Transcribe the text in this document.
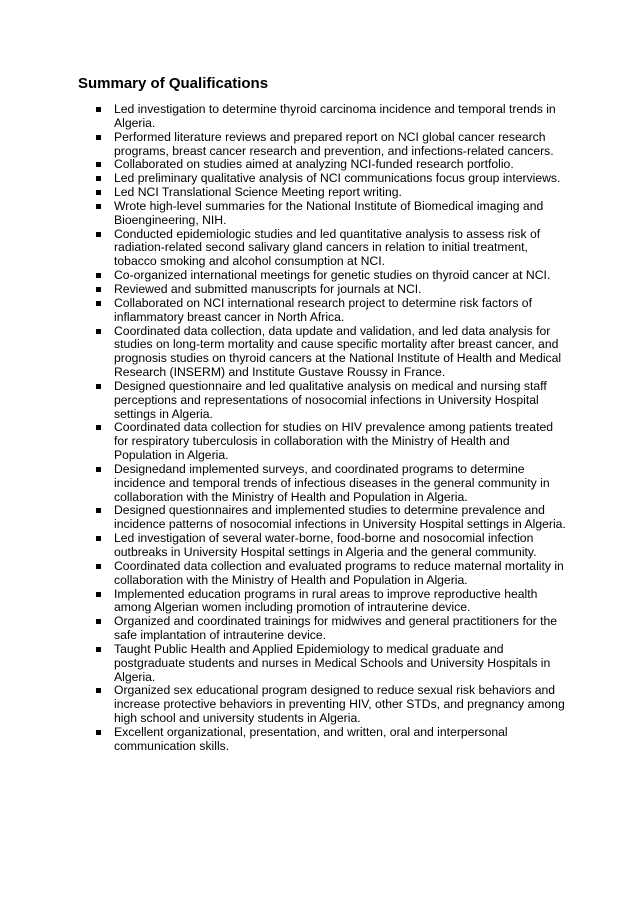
Summary of Qualifications
Led investigation to determine thyroid carcinoma incidence and temporal trends in Algeria.
Performed literature reviews and prepared report on NCI global cancer research programs, breast cancer research and prevention, and infections-related cancers.
Collaborated on studies aimed at analyzing NCI-funded research portfolio.
Led preliminary qualitative analysis of NCI communications focus group interviews.
Led NCI Translational Science Meeting report writing.
Wrote high-level summaries for the National Institute of Biomedical imaging and Bioengineering, NIH.
Conducted epidemiologic studies and led quantitative analysis to assess risk of radiation-related second salivary gland cancers in relation to initial treatment, tobacco smoking and alcohol consumption at NCI.
Co-organized international meetings for genetic studies on thyroid cancer at NCI.
Reviewed and submitted manuscripts for journals at NCI.
Collaborated on NCI international research project to determine risk factors of inflammatory breast cancer in North Africa.
Coordinated data collection, data update and validation, and led data analysis for studies on long-term mortality and cause specific mortality after breast cancer, and prognosis studies on thyroid cancers at the National Institute of Health and Medical Research (INSERM) and Institute Gustave Roussy in France.
Designed questionnaire and led qualitative analysis on medical and nursing staff perceptions and representations of nosocomial infections in University Hospital settings in Algeria.
Coordinated data collection for studies on HIV prevalence among patients treated for respiratory tuberculosis in collaboration with the Ministry of Health and Population in Algeria.
Designedand implemented surveys, and coordinated programs to determine incidence and temporal trends of infectious diseases in the general community in collaboration with the Ministry of Health and Population in Algeria.
Designed questionnaires and implemented studies to determine prevalence and incidence patterns of nosocomial infections in University Hospital settings in Algeria.
Led investigation of several water-borne, food-borne and nosocomial infection outbreaks in University Hospital settings in Algeria and the general community.
Coordinated data collection and evaluated programs to reduce maternal mortality in collaboration with the Ministry of Health and Population in Algeria.
Implemented education programs in rural areas to improve reproductive health among Algerian women including promotion of intrauterine device.
Organized and coordinated trainings for midwives and general practitioners for the safe implantation of intrauterine device.
Taught Public Health and Applied Epidemiology to medical graduate and postgraduate students and nurses in Medical Schools and University Hospitals in Algeria.
Organized sex educational program designed to reduce sexual risk behaviors and increase protective behaviors in preventing HIV, other STDs, and pregnancy among high school and university students in Algeria.
Excellent organizational, presentation, and written, oral and interpersonal communication skills.
